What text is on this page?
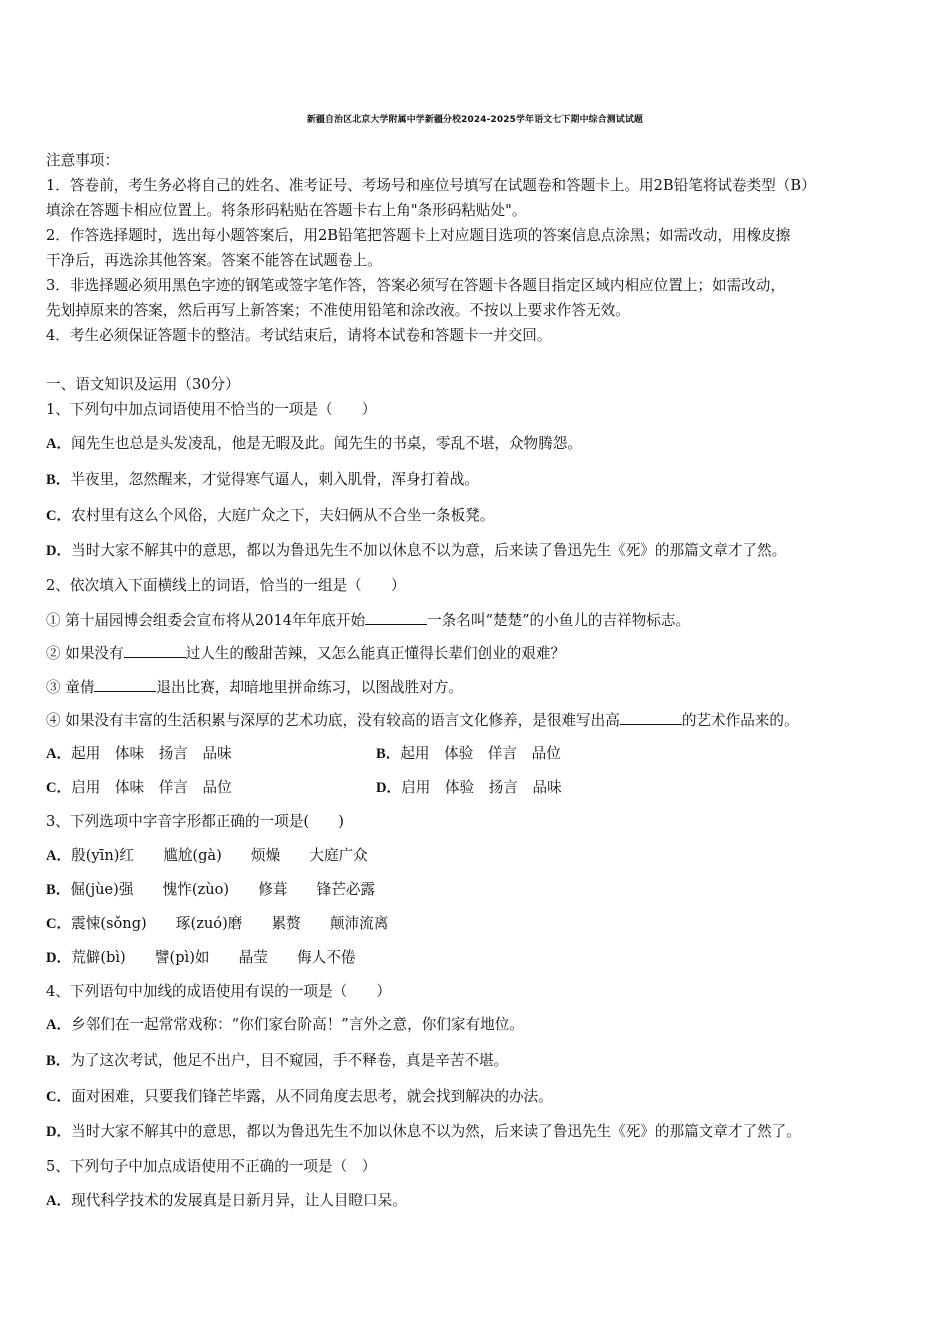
新疆自治区北京大学附属中学新疆分校2024-2025学年语文七下期中综合测试试题
注意事项：
1．答卷前，考生务必将自己的姓名、准考证号、考场号和座位号填写在试题卷和答题卡上。用2B铅笔将试卷类型（B）
填涂在答题卡相应位置上。将条形码粘贴在答题卡右上角"条形码粘贴处"。
2．作答选择题时，选出每小题答案后，用2B铅笔把答题卡上对应题目选项的答案信息点涂黑；如需改动，用橡皮擦
干净后，再选涂其他答案。答案不能答在试题卷上。
3．非选择题必须用黑色字迹的钢笔或签字笔作答，答案必须写在答题卡各题目指定区域内相应位置上；如需改动，
先划掉原来的答案，然后再写上新答案；不准使用铅笔和涂改液。不按以上要求作答无效。
4．考生必须保证答题卡的整洁。考试结束后，请将本试卷和答题卡一并交回。
一、语文知识及运用（30分）
1、下列句中加点词语使用不恰当的一项是（　　）
A．闻先生也总是头发凌乱，他是无暇及此。闻先生的书桌，零乱不堪，众物腾怨。
B．半夜里，忽然醒来，才觉得寒气逼人，刺入肌骨，浑身打着战。
C．农村里有这么个风俗，大庭广众之下，夫妇俩从不合坐一条板凳。
D．当时大家不解其中的意思，都以为鲁迅先生不加以休息不以为意，后来读了鲁迅先生《死》的那篇文章才了然。
2、依次填入下面横线上的词语，恰当的一组是（　　）
① 第十届园博会组委会宣布将从2014年年底开始	一条名叫“楚楚”的小鱼儿的吉祥物标志。
② 如果没有	过人生的酸甜苦辣，又怎么能真正懂得长辈们创业的艰难？
③ 童倩	退出比赛，却暗地里拼命练习，以图战胜对方。
④ 如果没有丰富的生活积累与深厚的艺术功底，没有较高的语言文化修养，是很难写出高	的艺术作品来的。
A．起用　体味　扬言　品味	B．起用　体验　佯言　品位
C．启用　体味　佯言　品位	D．启用　体验　扬言　品味
3、下列选项中字音字形都正确的一项是(　　)
A．殷(yīn)红　　尴尬(gà)　　烦燥　　大庭广众
B．倔(jùe)强　　愧怍(zùo)　　修葺　　锋芒必露
C．震悚(sǒng)　　琢(zuó)磨　　累赘　　颠沛流离
D．荒僻(bì)　　譬(pì)如　　晶莹　　侮人不倦
4、下列语句中加线的成语使用有误的一项是（　　）
A．乡邻们在一起常常戏称：“你们家台阶高！”言外之意，你们家有地位。
B．为了这次考试，他足不出户，目不窥园，手不释卷，真是辛苦不堪。
C．面对困难，只要我们锋芒毕露，从不同角度去思考，就会找到解决的办法。
D．当时大家不解其中的意思，都以为鲁迅先生不加以休息不以为然，后来读了鲁迅先生《死》的那篇文章才了然了。
5、下列句子中加点成语使用不正确的一项是（　）
A．现代科学技术的发展真是日新月异，让人目瞪口呆。
